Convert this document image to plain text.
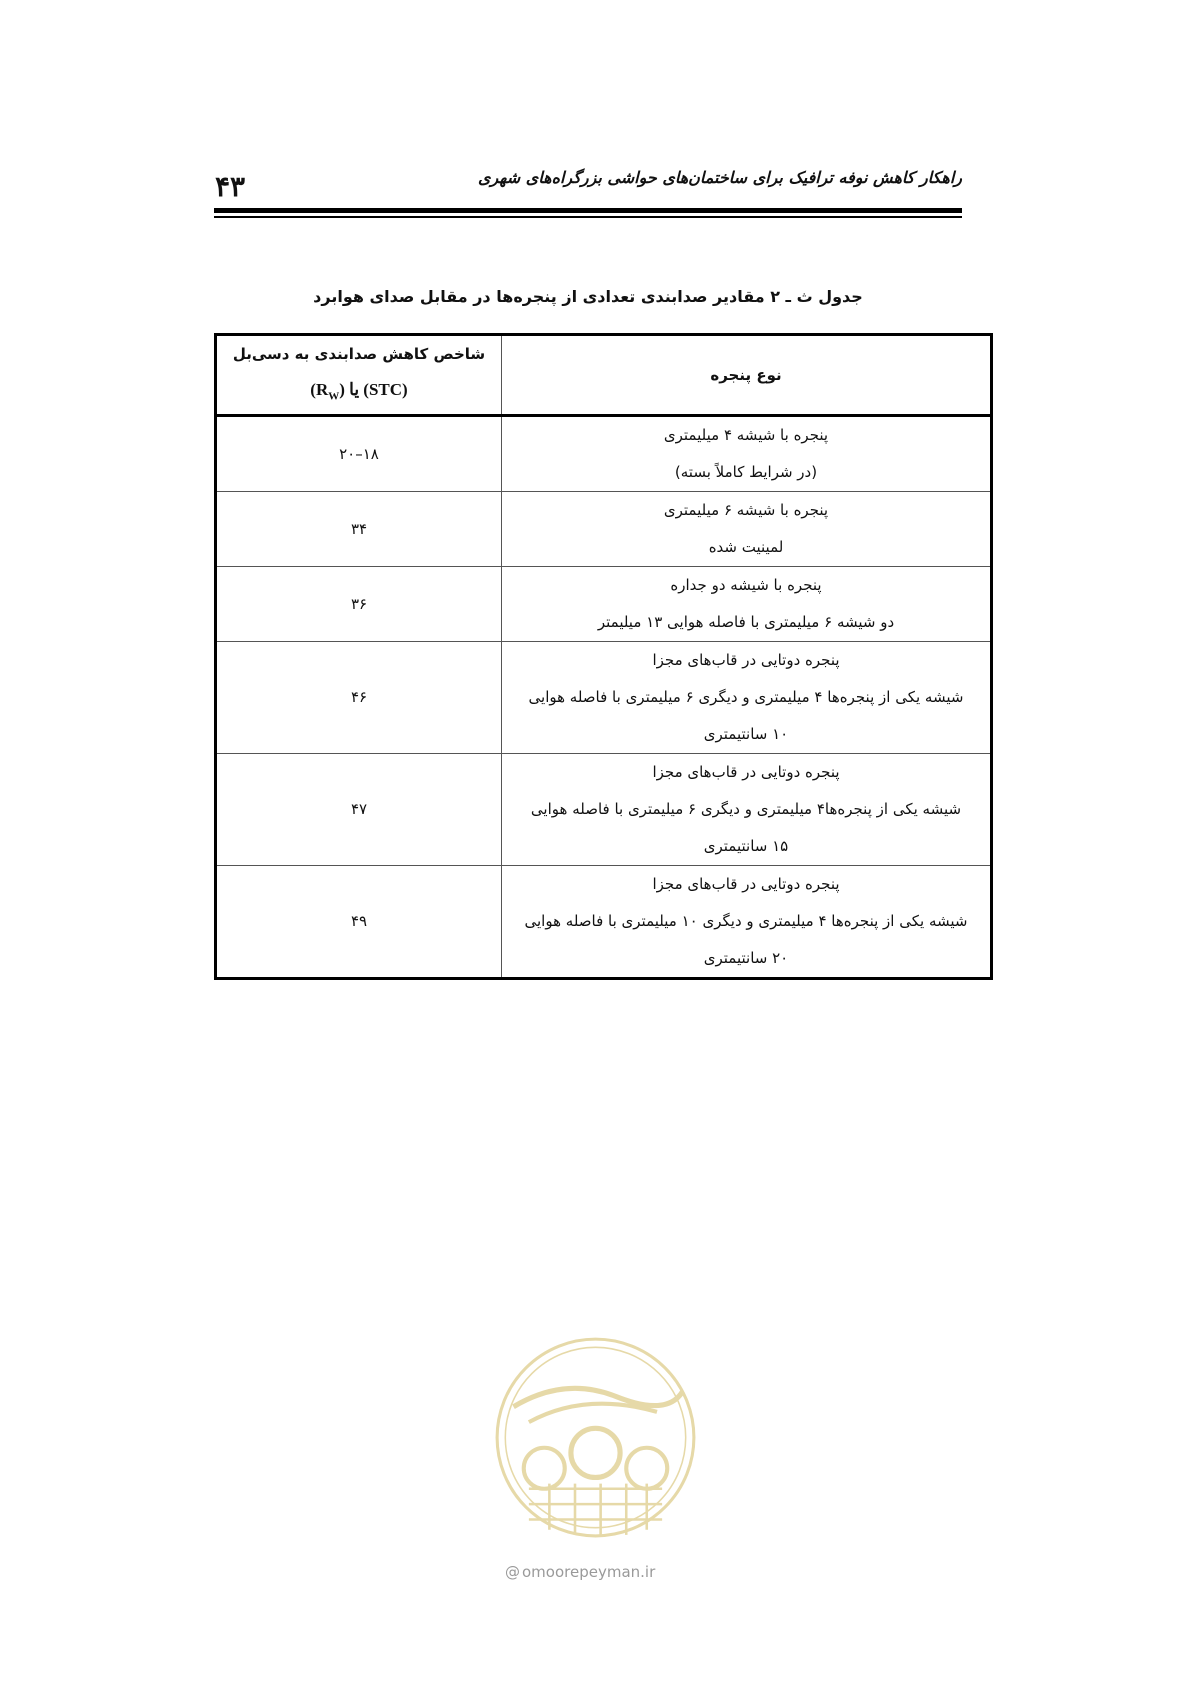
۴۳	راهکار کاهش نوفه ترافیک برای ساختمان‌های حواشی بزرگراه‌های شهری
جدول ث ـ ۲ مقادیر صدابندی تعدادی از پنجره‌ها در مقابل صدای هوابرد
نوع پنجره	شاخص کاهش صدابندی به دسی‌بل
(STC) یا $(R_W)$

پنجره با شیشه ۴ میلیمتری
(در شرایط کاملاً بسته)	۱۸–۲۰

پنجره با شیشه ۶ میلیمتری
لمینیت شده	۳۴

پنجره با شیشه دو جداره
دو شیشه ۶ میلیمتری با فاصله هوایی ۱۳ میلیمتر	۳۶

پنجره دوتایی در قاب‌های مجزا
شیشه یکی از پنجره‌ها ۴ میلیمتری و دیگری ۶ میلیمتری با فاصله هوایی
۱۰ سانتیمتری	۴۶

پنجره دوتایی در قاب‌های مجزا
شیشه یکی از پنجره‌ها۴ میلیمتری و دیگری ۶ میلیمتری با فاصله هوایی
۱۵ سانتیمتری	۴۷

پنجره دوتایی در قاب‌های مجزا
شیشه یکی از پنجره‌ها ۴ میلیمتری و دیگری ۱۰ میلیمتری با فاصله هوایی
۲۰ سانتیمتری	۴۹
@ omoorepeyman.ir
